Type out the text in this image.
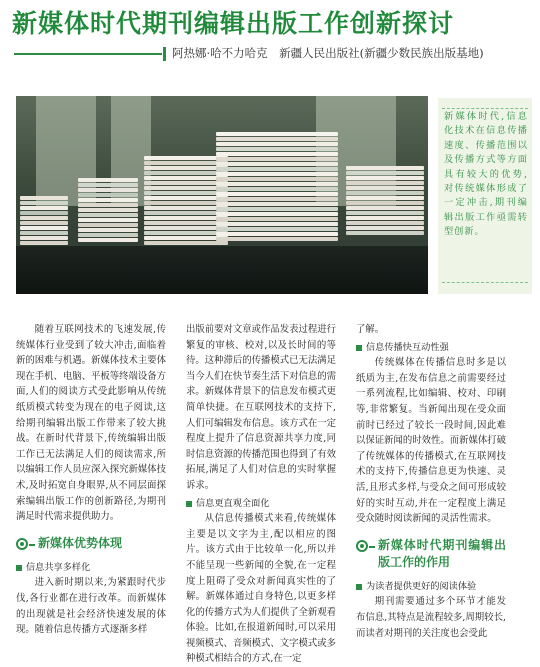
新媒体时代期刊编辑出版工作创新探讨
阿热娜·哈不力哈克　新疆人民出版社(新疆少数民族出版基地)
新媒体时代,信息化技术在信息传播速度、传播范围以及传播方式等方面具有较大的优势,对传统媒体形成了一定冲击,期刊编辑出版工作亟需转型创新。

随着互联网技术的飞速发展,传统媒体行业受到了较大冲击,面临着新的困难与机遇。新媒体技术主要体现在手机、电脑、平板等终端设备方面,人们的阅读方式受此影响从传统纸质模式转变为现在的电子阅读,这给期刊编辑出版工作带来了较大挑战。在新时代背景下,传统编辑出版工作已无法满足人们的阅读需求,所以编辑工作人员应深入探究新媒体技术,及时拓宽自身眼界,从不同层面探索编辑出版工作的创新路径,为期刊满足时代需求提供助力。

新媒体优势体现
信息共享多样化

进入新时期以来,为紧跟时代步伐,各行业都在进行改革。而新媒体的出现就是社会经济快速发展的体现。随着信息传播方式逐渐多样

出版前要对文章或作品发表过程进行繁复的审核、校对,以及长时间的等待。这种滞后的传播模式已无法满足当今人们在快节奏生活下对信息的需求。新媒体背景下的信息发布模式更简单快捷。在互联网技术的支持下,人们可编辑发布信息。该方式在一定程度上提升了信息资源共享力度,同时信息资源的传播范围也得到了有效拓展,满足了人们对信息的实时掌握诉求。

信息更直观全面化

从信息传播模式来看,传统媒体主要是以文字为主,配以相应的图片。该方式由于比较单一化,所以并不能呈现一些新闻的全貌,在一定程度上阻碍了受众对新闻真实性的了解。新媒体通过自身特色,以更多样化的传播方式为人们提供了全新观看体验。比如,在报道新闻时,可以采用视频模式、音频模式、文字模式或多种模式相结合的方式,在一定

了解。

信息传播快互动性强

传统媒体在传播信息时多是以纸质为主,在发布信息之前需要经过一系列流程,比如编辑、校对、印刷等,非常繁复。当新闻出现在受众面前时已经过了较长一段时间,因此难以保证新闻的时效性。而新媒体打破了传统媒体的传播模式,在互联网技术的支持下,传播信息更为快速、灵活,且形式多样,与受众之间可形成较好的实时互动,并在一定程度上满足受众随时阅读新闻的灵活性需求。

新媒体时代期刊编辑出版工作的作用
为读者提供更好的阅读体验

期刊需要通过多个环节才能发布信息,其特点是流程较多,周期较长,而读者对期刊的关注度也会受此
